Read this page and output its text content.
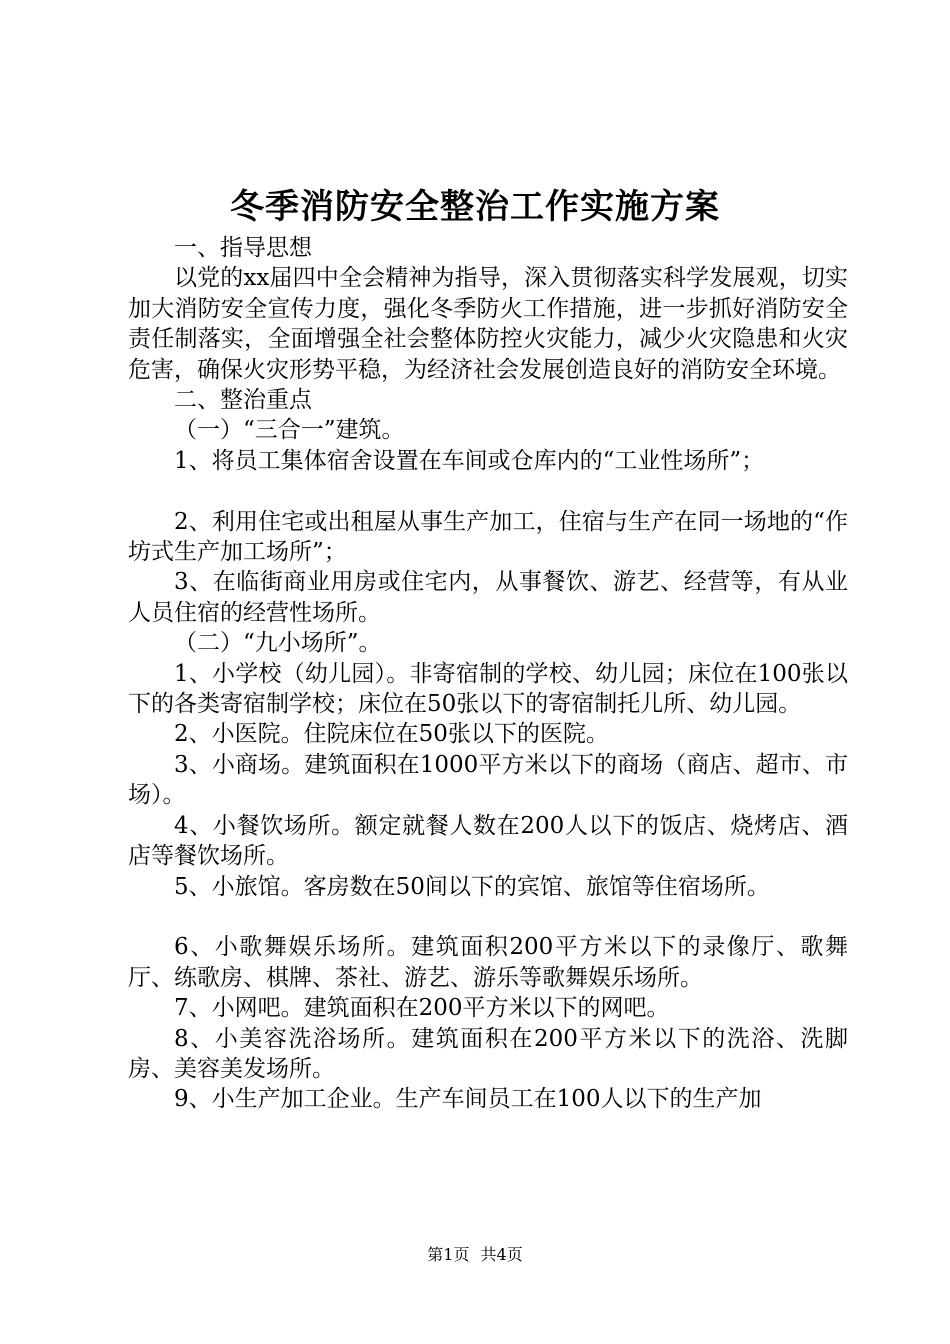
冬季消防安全整治工作实施方案

一、指导思想

以党的xx届四中全会精神为指导，深入贯彻落实科学发展观，切实加大消防安全宣传力度，强化冬季防火工作措施，进一步抓好消防安全责任制落实，全面增强全社会整体防控火灾能力，减少火灾隐患和火灾危害，确保火灾形势平稳，为经济社会发展创造良好的消防安全环境。

二、整治重点

（一）“三合一”建筑。

1、将员工集体宿舍设置在车间或仓库内的“工业性场所”；

2、利用住宅或出租屋从事生产加工，住宿与生产在同一场地的“作坊式生产加工场所”；

3、在临街商业用房或住宅内，从事餐饮、游艺、经营等，有从业人员住宿的经营性场所。

（二）“九小场所”。

1、小学校（幼儿园）。非寄宿制的学校、幼儿园；床位在100张以下的各类寄宿制学校；床位在50张以下的寄宿制托儿所、幼儿园。

2、小医院。住院床位在50张以下的医院。

3、小商场。建筑面积在1000平方米以下的商场（商店、超市、市场）。

4、小餐饮场所。额定就餐人数在200人以下的饭店、烧烤店、酒店等餐饮场所。

5、小旅馆。客房数在50间以下的宾馆、旅馆等住宿场所。

6、小歌舞娱乐场所。建筑面积200平方米以下的录像厅、歌舞厅、练歌房、棋牌、茶社、游艺、游乐等歌舞娱乐场所。

7、小网吧。建筑面积在200平方米以下的网吧。

8、小美容洗浴场所。建筑面积在200平方米以下的洗浴、洗脚房、美容美发场所。

9、小生产加工企业。生产车间员工在100人以下的生产加

第1页 共4页
